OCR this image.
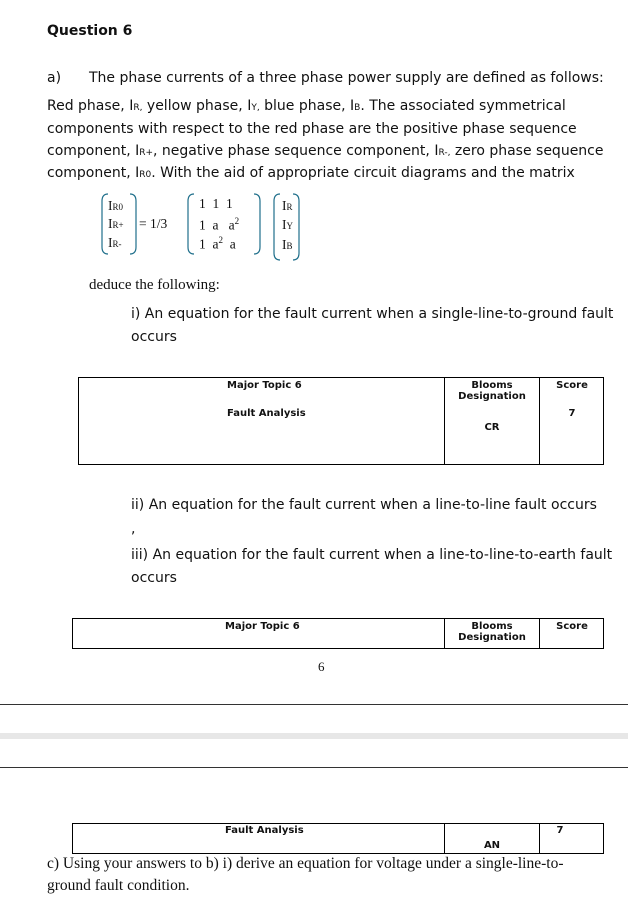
Question 6
a) The phase currents of a three phase power supply are defined as follows:
Red phase, IR, yellow phase, IY, blue phase, IB. The associated symmetrical
components with respect to the red phase are the positive phase sequence
component, IR+, negative phase sequence component, IR-, zero phase sequence
component, IR0. With the aid of appropriate circuit diagrams and the matrix
IR0
IR+
IR-
= 1/3
1  1  1
1  a   $a^2$
1  $a^2$  a
IR
IY
IB
deduce the following:
i) An equation for the fault current when a single-line-to-ground fault
occurs
Major Topic 6
Fault Analysis
Blooms
Designation
CR
Score
7
ii) An equation for the fault current when a line-to-line fault occurs
,
iii) An equation for the fault current when a line-to-line-to-earth fault
occurs
Major Topic 6	Blooms
Designation
Score
6
Fault Analysis
AN
7
c) Using your answers to b) i) derive an equation for voltage under a single-line-to-
ground fault condition.
